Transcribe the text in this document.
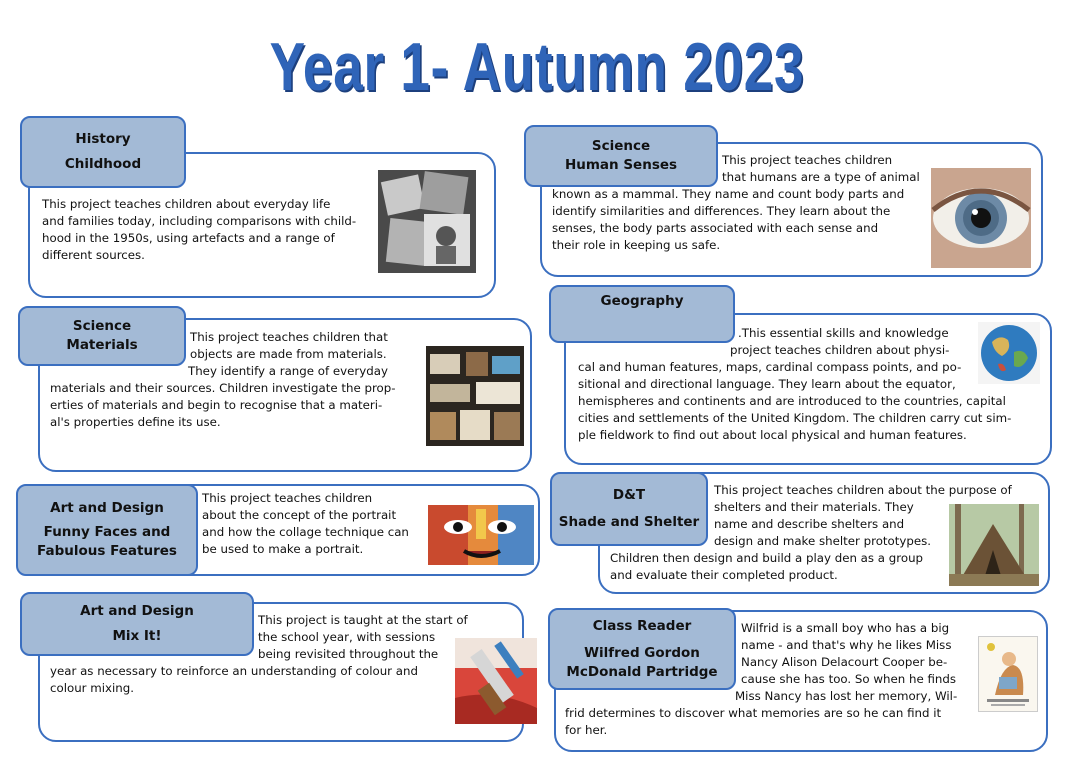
Year 1- Autumn 2023
History
Childhood
This project teaches children about everyday life
and families today, including comparisons with child-
hood in the 1950s, using artefacts and a range of
different sources.
Science
Human Senses	This project teaches children
that humans are a type of animal
known as a mammal. They name and count body parts and
identify similarities and differences. They learn about the
senses, the body parts associated with each sense and
their role in keeping us safe.
Science
Materials	This project teaches children that
objects are made from materials.
They identify a range of everyday
materials and their sources. Children investigate the prop-
erties of materials and begin to recognise that a materi-
al's properties define its use.
Geography
.This essential skills and knowledge
project teaches children about physi-
cal and human features, maps, cardinal compass points, and po-
sitional and directional language. They learn about the equator,
hemispheres and continents and are introduced to the countries, capital
cities and settlements of the United Kingdom. The children carry cut sim-
ple fieldwork to find out about local physical and human features.
Art and Design
Funny Faces and
Fabulous Features
This project teaches children
about the concept of the portrait
and how the collage technique can
be used to make a portrait.
D&T
Shade and Shelter
This project teaches children about the purpose of
shelters and their materials. They
name and describe shelters and
design and make shelter prototypes.
Children then design and build a play den as a group
and evaluate their completed product.
Art and Design
Mix It!
This project is taught at the start of
the school year, with sessions
being revisited throughout the
year as necessary to reinforce an understanding of colour and
colour mixing.
Class Reader
Wilfred Gordon
McDonald Partridge
Wilfrid is a small boy who has a big
name - and that's why he likes Miss
Nancy Alison Delacourt Cooper be-
cause she has too. So when he finds
Miss Nancy has lost her memory, Wil-
frid determines to discover what memories are so he can find it
for her.
